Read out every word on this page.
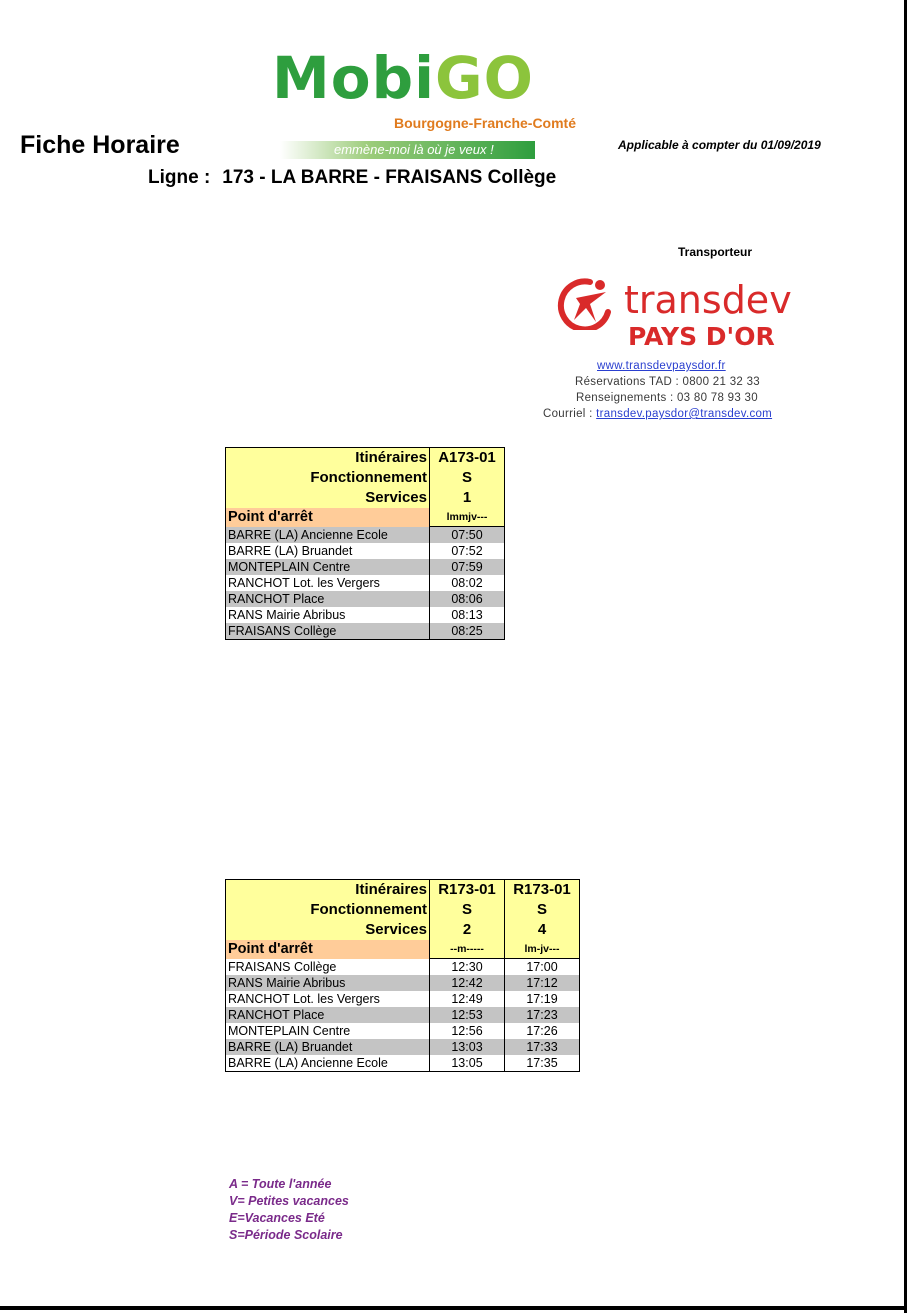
MobiGO
Bourgogne-Franche-Comté
emmène-moi là où je veux !
Fiche Horaire	Applicable à compter du 01/09/2019
Ligne : 173 - LA BARRE - FRAISANS Collège
Transporteur
transdev
PAYS D'OR
www.transdevpaysdor.fr
Réservations TAD : 0800 21 32 33
Renseignements : 03 80 78 93 30
Courriel : transdev.paysdor@transdev.com
Itinéraires	A173-01
Fonctionnement	S
Services	1
Point d'arrêt	lmmjv---
BARRE (LA) Ancienne Ecole	07:50
BARRE (LA) Bruandet	07:52
MONTEPLAIN Centre	07:59
RANCHOT Lot. les Vergers	08:02
RANCHOT Place	08:06
RANS Mairie Abribus	08:13
FRAISANS Collège	08:25
Itinéraires	R173-01	R173-01
Fonctionnement	S	S
Services	2	4
Point d'arrêt	--m-----	lm-jv---
FRAISANS Collège	12:30	17:00
RANS Mairie Abribus	12:42	17:12
RANCHOT Lot. les Vergers	12:49	17:19
RANCHOT Place	12:53	17:23
MONTEPLAIN Centre	12:56	17:26
BARRE (LA) Bruandet	13:03	17:33
BARRE (LA) Ancienne Ecole	13:05	17:35
A = Toute l'année
V= Petites vacances
E=Vacances Eté
S=Période Scolaire
